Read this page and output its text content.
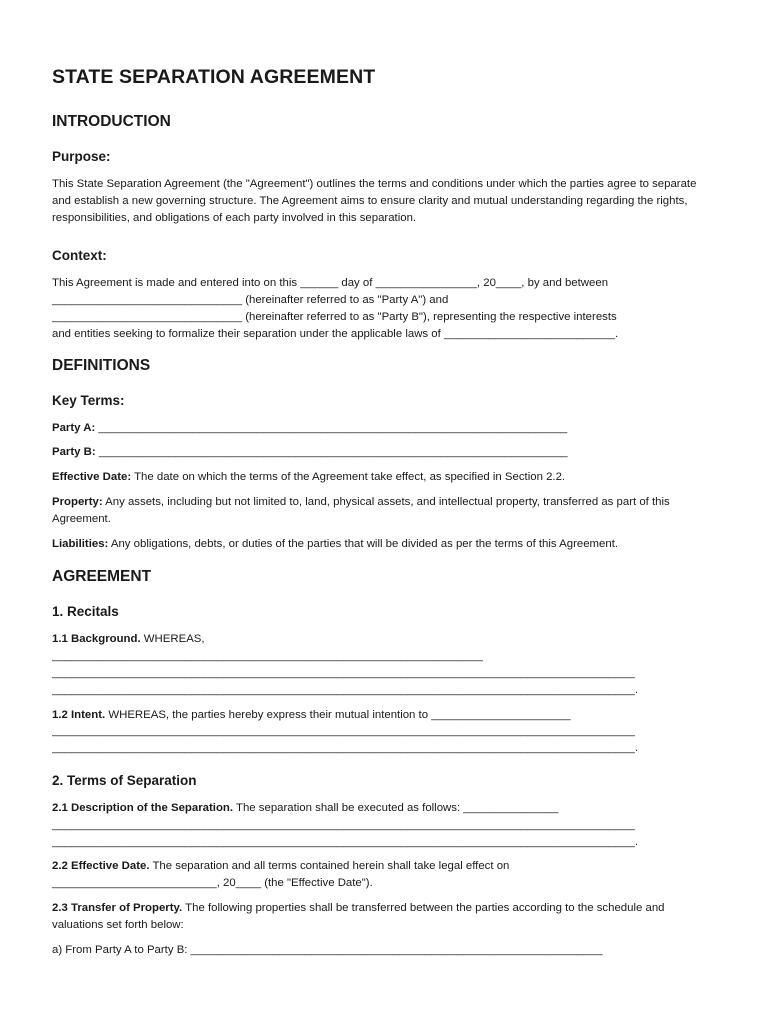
STATE SEPARATION AGREEMENT
INTRODUCTION
Purpose:

This State Separation Agreement (the "Agreement") outlines the terms and conditions under which the parties agree to separate and establish a new governing structure. The Agreement aims to ensure clarity and mutual understanding regarding the rights, responsibilities, and obligations of each party involved in this separation.

Context:

This Agreement is made and entered into on this ______ day of ________________, 20____, by and between
______________________________ (hereinafter referred to as "Party A") and
______________________________ (hereinafter referred to as "Party B"), representing the respective interests
and entities seeking to formalize their separation under the applicable laws of ___________________________.

DEFINITIONS
Key Terms:

Party A: __________________________________________________________________________

Party B: __________________________________________________________________________

Effective Date: The date on which the terms of the Agreement take effect, as specified in Section 2.2.

Property: Any assets, including but not limited to, land, physical assets, and intellectual property, transferred as part of this Agreement.

Liabilities: Any obligations, debts, or duties of the parties that will be divided as per the terms of this Agreement.

AGREEMENT
1. Recitals

1.1 Background. WHEREAS,

____________________________________________________________________
____________________________________________________________________________________________
____________________________________________________________________________________________.

1.2 Intent. WHEREAS, the parties hereby express their mutual intention to ______________________

____________________________________________________________________________________________
____________________________________________________________________________________________.
2. Terms of Separation

2.1 Description of the Separation. The separation shall be executed as follows: _______________

____________________________________________________________________________________________
____________________________________________________________________________________________.

2.2 Effective Date. The separation and all terms contained herein shall take legal effect on
__________________________, 20____ (the "Effective Date").

2.3 Transfer of Property. The following properties shall be transferred between the parties according to the schedule and valuations set forth below:

a) From Party A to Party B: _________________________________________________________________
